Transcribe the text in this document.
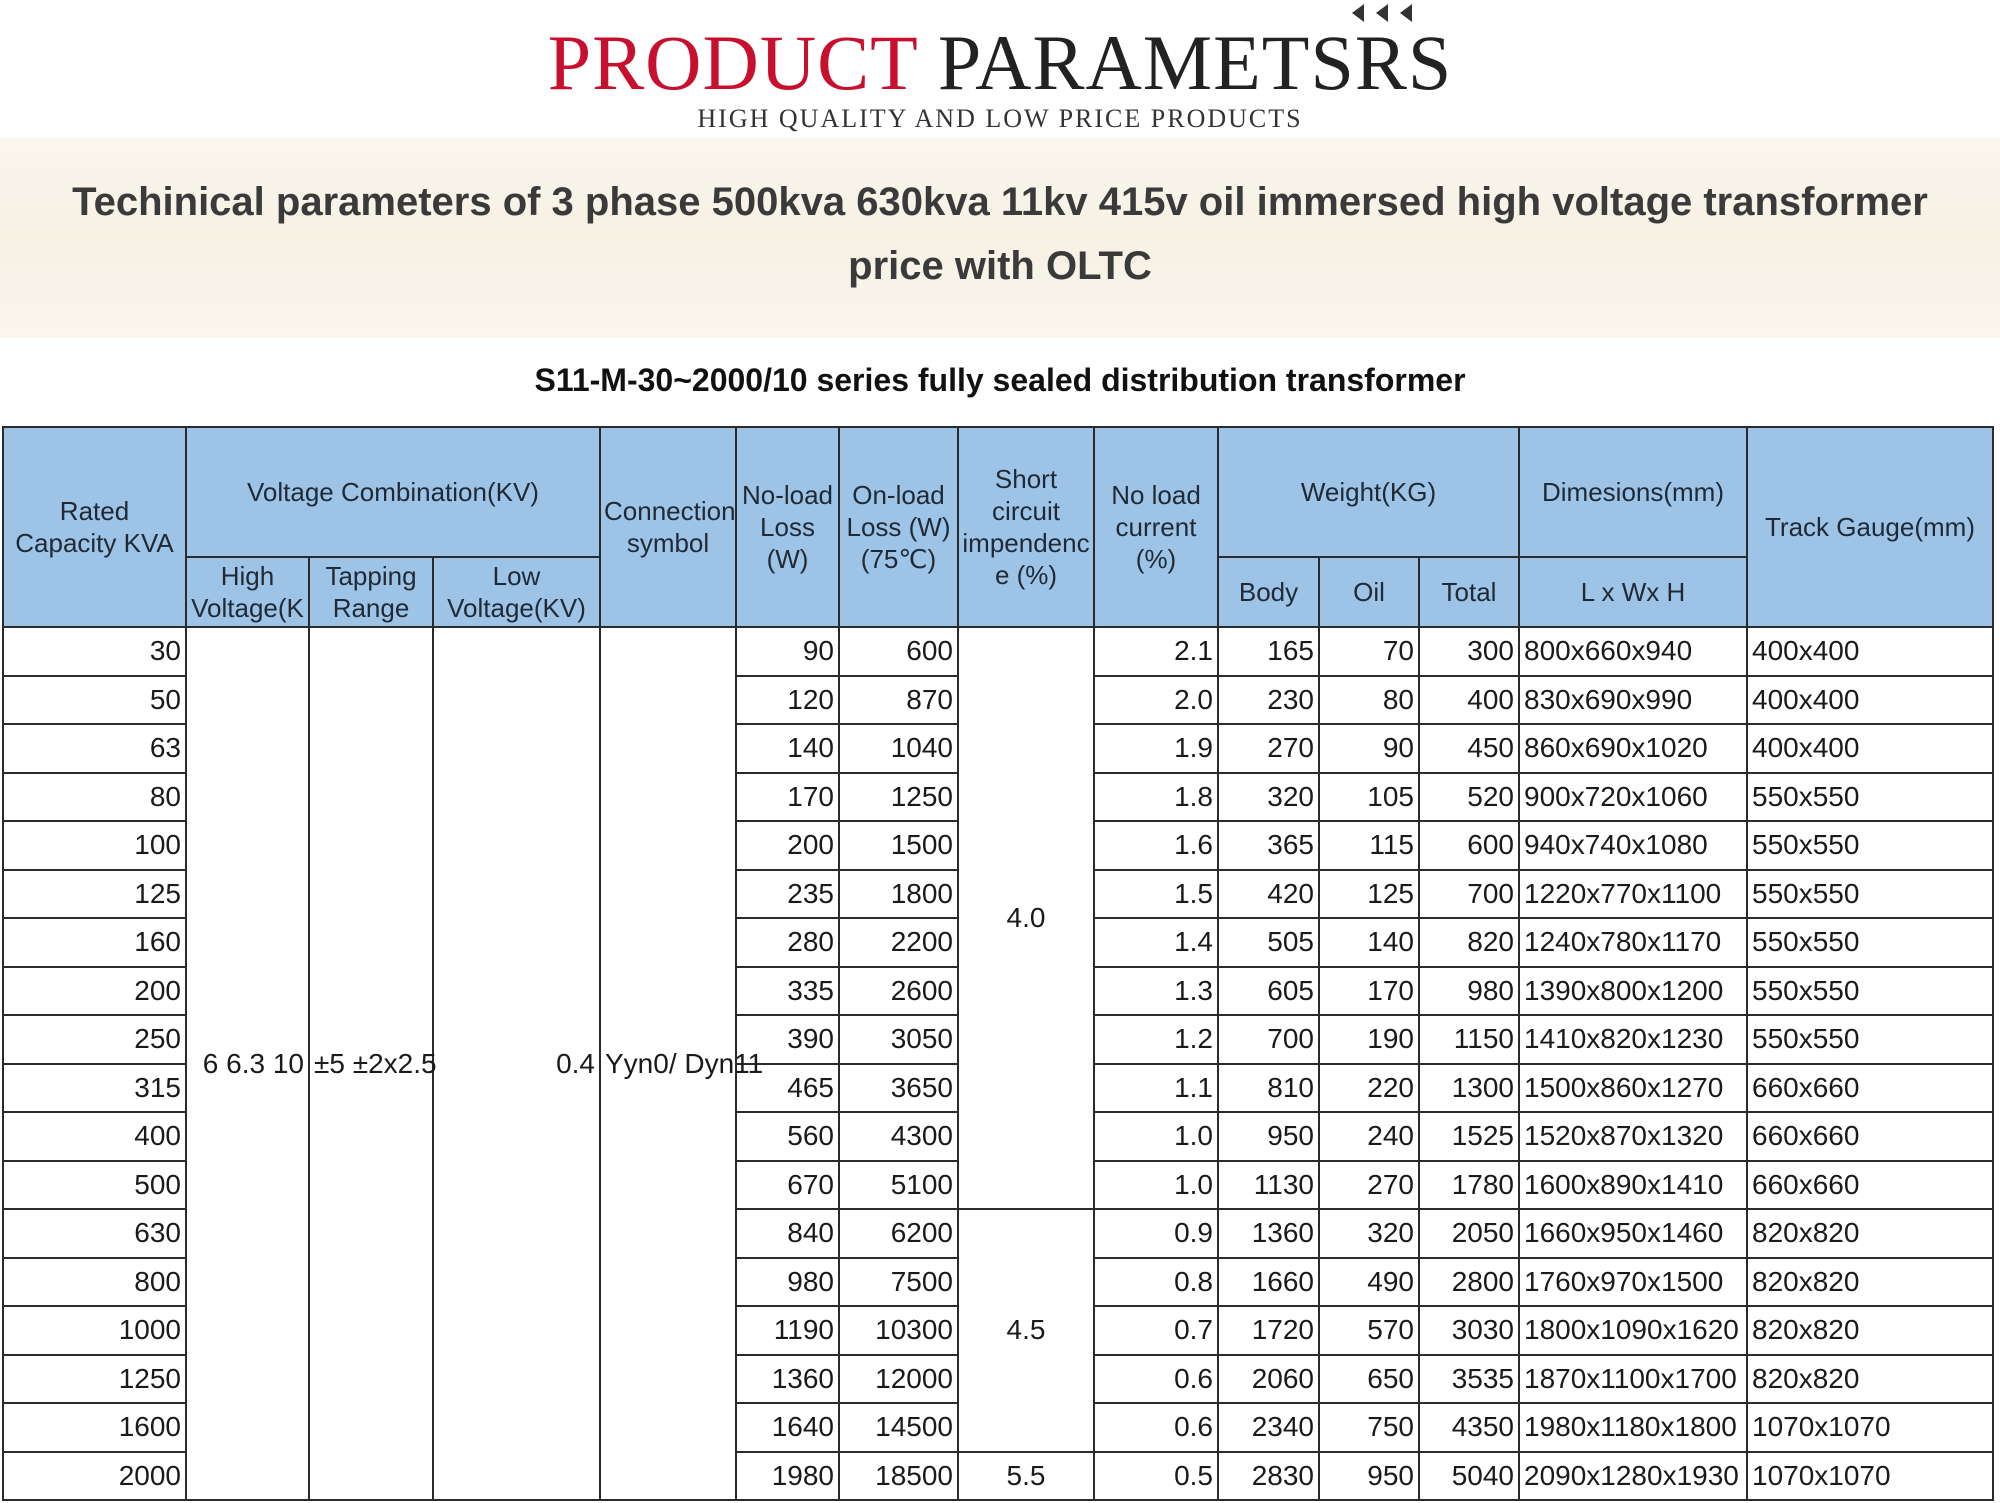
PRODUCT PARAMETSRS
HIGH QUALITY AND LOW PRICE PRODUCTS
Techinical parameters of 3 phase 500kva 630kva 11kv 415v oil immersed high voltage transformer price with OLTC
S11-M-30~2000/10 series fully sealed distribution transformer
Rated Capacity KVA	Voltage Combination(KV)			Connection symbol	No-load Loss (W)	On-load Loss (W) (75℃)	Short circuit impendenc e (%)	No load current (%)	Weight(KG)			Dimesions(mm)	Track Gauge(mm)
	High Voltage(K	Tapping Range	Low Voltage(KV)						Body	Oil	Total	L x Wx H	
30	6 6.3 10	±5 ±2x2.5	0.4	Yyn0/ Dyn11	90	600	4.0	2.1	165	70	300	800x660x940	400x400
50					120	870		2.0	230	80	400	830x690x990	400x400
63					140	1040		1.9	270	90	450	860x690x1020	400x400
80					170	1250		1.8	320	105	520	900x720x1060	550x550
100					200	1500		1.6	365	115	600	940x740x1080	550x550
125					235	1800		1.5	420	125	700	1220x770x1100	550x550
160					280	2200		1.4	505	140	820	1240x780x1170	550x550
200					335	2600		1.3	605	170	980	1390x800x1200	550x550
250					390	3050		1.2	700	190	1150	1410x820x1230	550x550
315					465	3650		1.1	810	220	1300	1500x860x1270	660x660
400					560	4300		1.0	950	240	1525	1520x870x1320	660x660
500					670	5100		1.0	1130	270	1780	1600x890x1410	660x660
630					840	6200	4.5	0.9	1360	320	2050	1660x950x1460	820x820
800					980	7500		0.8	1660	490	2800	1760x970x1500	820x820
1000					1190	10300		0.7	1720	570	3030	1800x1090x1620	820x820
1250					1360	12000		0.6	2060	650	3535	1870x1100x1700	820x820
1600					1640	14500		0.6	2340	750	4350	1980x1180x1800	1070x1070
2000					1980	18500	5.5	0.5	2830	950	5040	2090x1280x1930	1070x1070
